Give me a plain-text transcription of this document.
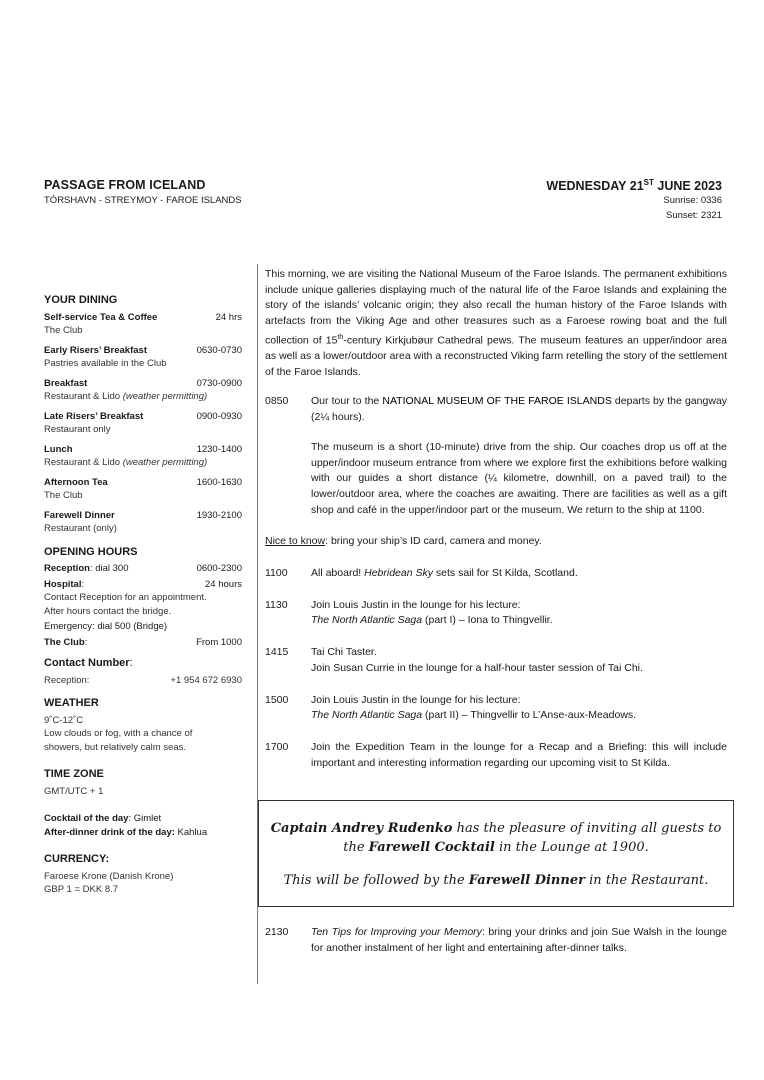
PASSAGE FROM ICELAND
TÓRSHAVN - STREYMOY - FAROE ISLANDS
WEDNESDAY 21ST JUNE 2023
Sunrise: 0336
Sunset: 2321
YOUR DINING
Self-service Tea & Coffee	24 hrs
The Club
Early Risers’ Breakfast	0630-0730
Pastries available in the Club
Breakfast	0730-0900
Restaurant & Lido (weather permitting)
Late Risers’ Breakfast	0900-0930
Restaurant only
Lunch	1230-1400
Restaurant & Lido (weather permitting)
Afternoon Tea	1600-1630
The Club
Farewell Dinner	1930-2100
Restaurant (only)
OPENING HOURS
Reception: dial 300	0600-2300
Hospital:	24 hours
Contact Reception for an appointment.
After hours contact the bridge.
Emergency: dial 500 (Bridge)
The Club:	From 1000
Contact Number:
Reception:	+1 954 672 6930
WEATHER
9˚C-12˚C
Low clouds or fog, with a chance of
showers, but relatively calm seas.
TIME ZONE
GMT/UTC + 1
Cocktail of the day: Gimlet
After-dinner drink of the day: Kahlua
CURRENCY:
Faroese Krone (Danish Krone)
GBP 1 = DKK 8.7

This morning, we are visiting the National Museum of the Faroe Islands. The permanent exhibitions include unique galleries displaying much of the natural life of the Faroe Islands and explaining the story of the islands’ volcanic origin; they also recall the human history of the Faroe Islands with artefacts from the Viking Age and other treasures such as a Faroese rowing boat and the full collection of 15th-century Kirkjubøur Cathedral pews. The museum features an upper/indoor area as well as a lower/outdoor area with a reconstructed Viking farm retelling the story of the settlement of the Faroe Islands.

0850	Our tour to the NATIONAL MUSEUM OF THE FAROE ISLANDS departs by the gangway (2¼ hours).

The museum is a short (10-minute) drive from the ship. Our coaches drop us off at the upper/indoor museum entrance from where we explore first the exhibitions before walking with our guides a short distance (¼ kilometre, downhill, on a paved trail) to the lower/outdoor area, where the coaches are awaiting. There are facilities as well as a gift shop and café in the upper/indoor part or the museum. We return to the ship at 1100.

Nice to know: bring your ship’s ID card, camera and money.
1100	All aboard! Hebridean Sky sets sail for St Kilda, Scotland.
1130	Join Louis Justin in the lounge for his lecture:
The North Atlantic Saga (part I) – Iona to Thingvellir.
1415	Tai Chi Taster.
Join Susan Currie in the lounge for a half-hour taster session of Tai Chi.
1500	Join Louis Justin in the lounge for his lecture:
The North Atlantic Saga (part II) – Thingvellir to L’Anse-aux-Meadows.
1700	Join the Expedition Team in the lounge for a Recap and a Briefing: this will include important and interesting information regarding our upcoming visit to St Kilda.
Captain Andrey Rudenko has the pleasure of inviting all guests to the Farewell Cocktail in the Lounge at 1900.
This will be followed by the Farewell Dinner in the Restaurant.
2130	Ten Tips for Improving your Memory: bring your drinks and join Sue Walsh in the lounge for another instalment of her light and entertaining after-dinner talks.
